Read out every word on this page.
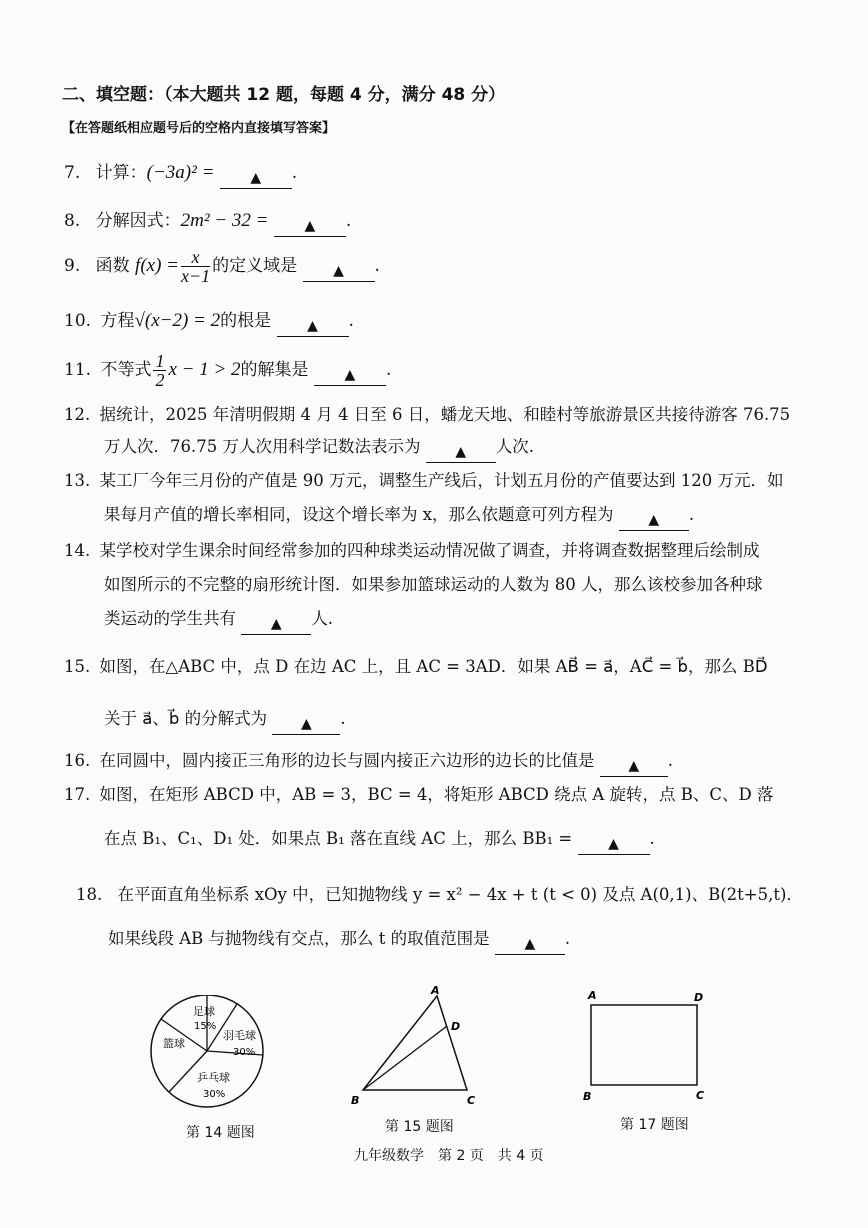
二、填空题：（本大题共 12 题，每题 4 分，满分 48 分）
【在答题纸相应题号后的空格内直接填写答案】
7. 计算：(−3a)² =	▲ .
8. 分解因式：2m² − 32 =	▲ .
9. 函数 $f(x) = \frac{x}{x-1}$ 的定义域是	▲ .
10. 方程√(x−2) = 2的根是	▲ .
11. 不等式 $\frac{1}{2}$ x − 1 > 2的解集是	▲ .
12. 据统计，2025 年清明假期 4 月 4 日至 6 日，蟠龙天地、和睦村等旅游景区共接待游客 76.75
万人次．76.75 万人次用科学记数法表示为 ▲ 人次.
13. 某工厂今年三月份的产值是 90 万元，调整生产线后，计划五月份的产值要达到 120 万元．如
果每月产值的增长率相同，设这个增长率为 x，那么依题意可列方程为 ▲ .
14. 某学校对学生课余时间经常参加的四种球类运动情况做了调查，并将调查数据整理后绘制成
如图所示的不完整的扇形统计图．如果参加篮球运动的人数为 80 人，那么该校参加各种球
类运动的学生共有 ▲ 人.
15. 如图，在△ABC 中，点 D 在边 AC 上，且 AC = 3AD．如果 AB⃗ = a⃗，AC⃗ = b⃗，那么 BD⃗
关于 a⃗、b⃗ 的分解式为 ▲ .
16. 在同圆中，圆内接正三角形的边长与圆内接正六边形的边长的比值是 ▲ .
17. 如图，在矩形 ABCD 中，AB = 3，BC = 4，将矩形 ABCD 绕点 A 旋转，点 B、C、D 落
在点 B₁、C₁、D₁ 处．如果点 B₁ 落在直线 AC 上，那么 BB₁ =	▲ .
18. 在平面直角坐标系 xOy 中，已知抛物线 y = x² − 4x + t (t < 0) 及点 A(0,1)、B(2t+5,t)．
如果线段 AB 与抛物线有交点，那么 t 的取值范围是 ▲ .
足球
15%
羽毛球
30%
篮球
乒乓球
30%
第 14 题图
A
D
B	C
第 15 题图
A	D
B	C
第 17 题图
九年级数学　第 2 页　共 4 页
